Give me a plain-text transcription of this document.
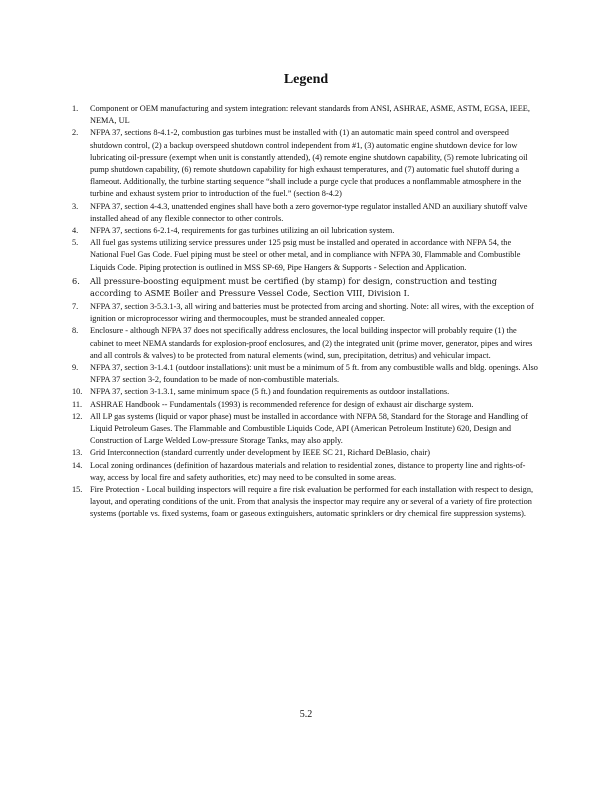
Legend
1.	Component or OEM manufacturing and system integration: relevant standards from ANSI, ASHRAE, ASME, ASTM, EGSA, IEEE, NEMA, UL
2.	NFPA 37, sections 8-4.1-2, combustion gas turbines must be installed with (1) an automatic main speed control and overspeed shutdown control, (2) a backup overspeed shutdown control independent from #1, (3) automatic engine shutdown device for low lubricating oil-pressure (exempt when unit is constantly attended), (4) remote engine shutdown capability, (5) remote lubricating oil pump shutdown capability, (6) remote shutdown capability for high exhaust temperatures, and (7) automatic fuel shutoff during a flameout. Additionally, the turbine starting sequence “shall include a purge cycle that produces a nonflammable atmosphere in the turbine and exhaust system prior to introduction of the fuel.” (section 8-4.2)
3.	NFPA 37, section 4-4.3, unattended engines shall have both a zero governor-type regulator installed AND an auxiliary shutoff valve installed ahead of any flexible connector to other controls.
4.	NFPA 37, sections 6-2.1-4, requirements for gas turbines utilizing an oil lubrication system.
5.	All fuel gas systems utilizing service pressures under 125 psig must be installed and operated in accordance with NFPA 54, the National Fuel Gas Code. Fuel piping must be steel or other metal, and in compliance with NFPA 30, Flammable and Combustible Liquids Code. Piping protection is outlined in MSS SP-69, Pipe Hangers & Supports - Selection and Application.
6.	All pressure-boosting equipment must be certified (by stamp) for design, construction and testing according to ASME Boiler and Pressure Vessel Code, Section VIII, Division I.
7.	NFPA 37, section 3-5.3.1-3, all wiring and batteries must be protected from arcing and shorting. Note: all wires, with the exception of ignition or microprocessor wiring and thermocouples, must be stranded annealed copper.
8.	Enclosure - although NFPA 37 does not specifically address enclosures, the local building inspector will probably require (1) the cabinet to meet NEMA standards for explosion-proof enclosures, and (2) the integrated unit (prime mover, generator, pipes and wires and all controls & valves) to be protected from natural elements (wind, sun, precipitation, detritus) and vehicular impact.
9.	NFPA 37, section 3-1.4.1 (outdoor installations): unit must be a minimum of 5 ft. from any combustible walls and bldg. openings. Also NFPA 37 section 3-2, foundation to be made of non-combustible materials.
10. NFPA 37, section 3-1.3.1, same minimum space (5 ft.) and foundation requirements as outdoor installations.
11. ASHRAE Handbook -- Fundamentals (1993) is recommended reference for design of exhaust air discharge system.
12. All LP gas systems (liquid or vapor phase) must be installed in accordance with NFPA 58, Standard for the Storage and Handling of Liquid Petroleum Gases. The Flammable and Combustible Liquids Code, API (American Petroleum Institute) 620, Design and Construction of Large Welded Low-pressure Storage Tanks, may also apply.
13. Grid Interconnection (standard currently under development by IEEE SC 21, Richard DeBlasio, chair)
14. Local zoning ordinances (definition of hazardous materials and relation to residential zones, distance to property line and rights-of-way, access by local fire and safety authorities, etc) may need to be consulted in some areas.
15. Fire Protection - Local building inspectors will require a fire risk evaluation be performed for each installation with respect to design, layout, and operating conditions of the unit. From that analysis the inspector may require any or several of a variety of fire protection systems (portable vs. fixed systems, foam or gaseous extinguishers, automatic sprinklers or dry chemical fire suppression systems).
5.2
